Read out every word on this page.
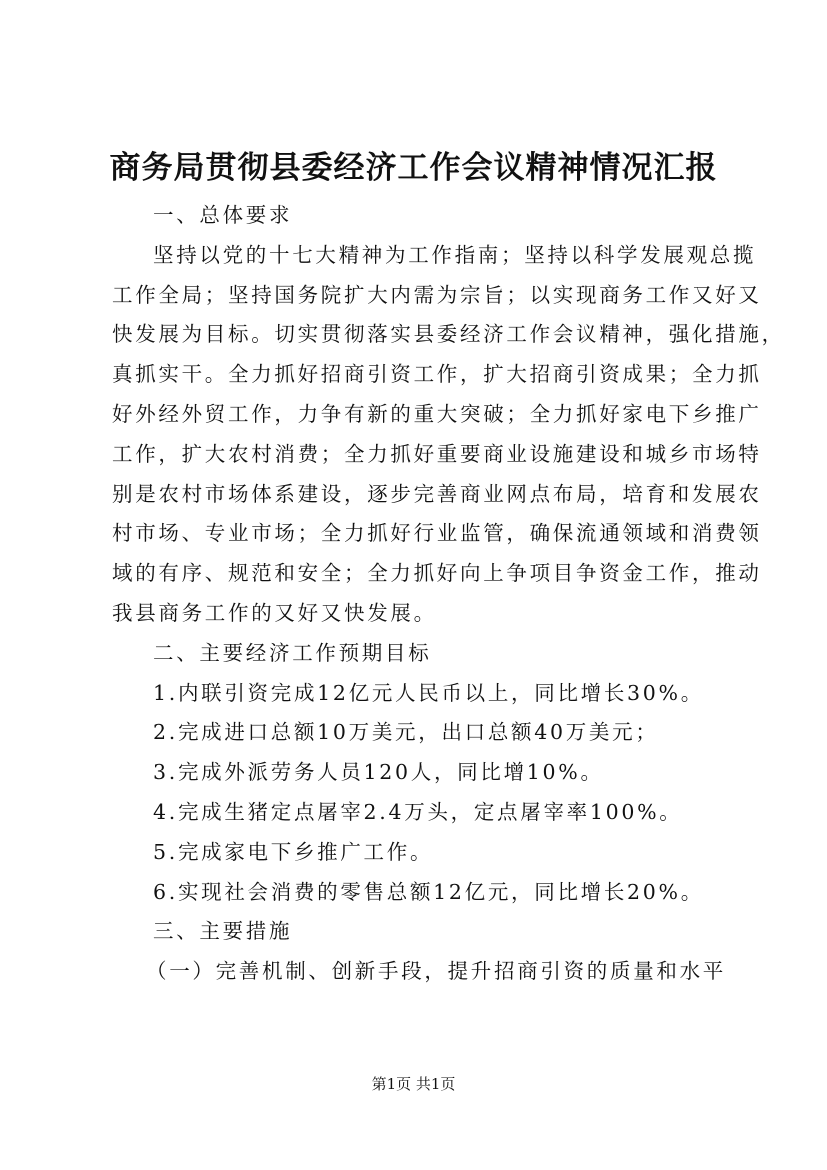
商务局贯彻县委经济工作会议精神情况汇报

一、总体要求

坚持以党的十七大精神为工作指南；坚持以科学发展观总揽

工作全局；坚持国务院扩大内需为宗旨；以实现商务工作又好又

快发展为目标。切实贯彻落实县委经济工作会议精神，强化措施，

真抓实干。全力抓好招商引资工作，扩大招商引资成果；全力抓

好外经外贸工作，力争有新的重大突破；全力抓好家电下乡推广

工作，扩大农村消费；全力抓好重要商业设施建设和城乡市场特

别是农村市场体系建设，逐步完善商业网点布局，培育和发展农

村市场、专业市场；全力抓好行业监管，确保流通领域和消费领

域的有序、规范和安全；全力抓好向上争项目争资金工作，推动

我县商务工作的又好又快发展。

二、主要经济工作预期目标

1.内联引资完成12亿元人民币以上，同比增长30%。

2.完成进口总额10万美元，出口总额40万美元；

3.完成外派劳务人员120人，同比增10%。

4.完成生猪定点屠宰2.4万头，定点屠宰率100%。

5.完成家电下乡推广工作。

6.实现社会消费的零售总额12亿元，同比增长20%。

三、主要措施

（一）完善机制、创新手段，提升招商引资的质量和水平

第1页 共1页
